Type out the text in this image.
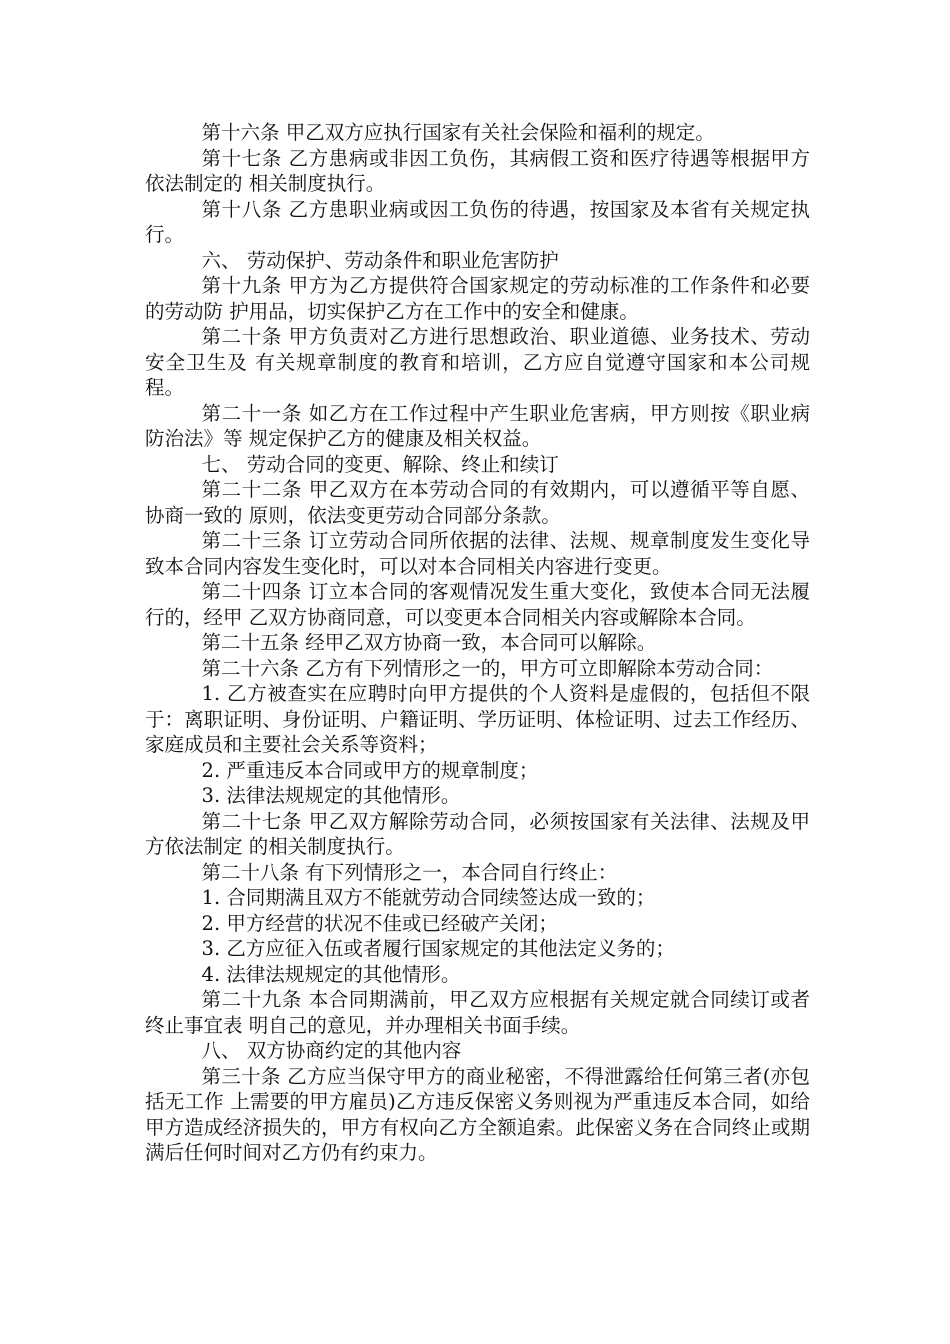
第十六条 甲乙双方应执行国家有关社会保险和福利的规定。

第十七条 乙方患病或非因工负伤，其病假工资和医疗待遇等根据甲方依法制定的 相关制度执行。

第十八条 乙方患职业病或因工负伤的待遇，按国家及本省有关规定执行。

六、 劳动保护、劳动条件和职业危害防护

第十九条 甲方为乙方提供符合国家规定的劳动标准的工作条件和必要的劳动防 护用品，切实保护乙方在工作中的安全和健康。

第二十条 甲方负责对乙方进行思想政治、职业道德、业务技术、劳动安全卫生及 有关规章制度的教育和培训，乙方应自觉遵守国家和本公司规程。

第二十一条 如乙方在工作过程中产生职业危害病，甲方则按《职业病防治法》等 规定保护乙方的健康及相关权益。

七、 劳动合同的变更、解除、终止和续订

第二十二条 甲乙双方在本劳动合同的有效期内，可以遵循平等自愿、协商一致的 原则，依法变更劳动合同部分条款。

第二十三条 订立劳动合同所依据的法律、法规、规章制度发生变化导致本合同内容发生变化时，可以对本合同相关内容进行变更。

第二十四条 订立本合同的客观情况发生重大变化，致使本合同无法履行的，经甲 乙双方协商同意，可以变更本合同相关内容或解除本合同。

第二十五条 经甲乙双方协商一致，本合同可以解除。

第二十六条 乙方有下列情形之一的，甲方可立即解除本劳动合同：

1. 乙方被查实在应聘时向甲方提供的个人资料是虚假的，包括但不限于：离职证明、身份证明、户籍证明、学历证明、体检证明、过去工作经历、家庭成员和主要社会关系等资料；

2. 严重违反本合同或甲方的规章制度；

3. 法律法规规定的其他情形。

第二十七条 甲乙双方解除劳动合同，必须按国家有关法律、法规及甲方依法制定 的相关制度执行。

第二十八条 有下列情形之一，本合同自行终止：

1. 合同期满且双方不能就劳动合同续签达成一致的；

2. 甲方经营的状况不佳或已经破产关闭；

3. 乙方应征入伍或者履行国家规定的其他法定义务的；

4. 法律法规规定的其他情形。

第二十九条 本合同期满前，甲乙双方应根据有关规定就合同续订或者终止事宜表 明自己的意见，并办理相关书面手续。

八、 双方协商约定的其他内容

第三十条 乙方应当保守甲方的商业秘密，不得泄露给任何第三者(亦包括无工作 上需要的甲方雇员)乙方违反保密义务则视为严重违反本合同，如给甲方造成经济损失的，甲方有权向乙方全额追索。此保密义务在合同终止或期满后任何时间对乙方仍有约束力。
